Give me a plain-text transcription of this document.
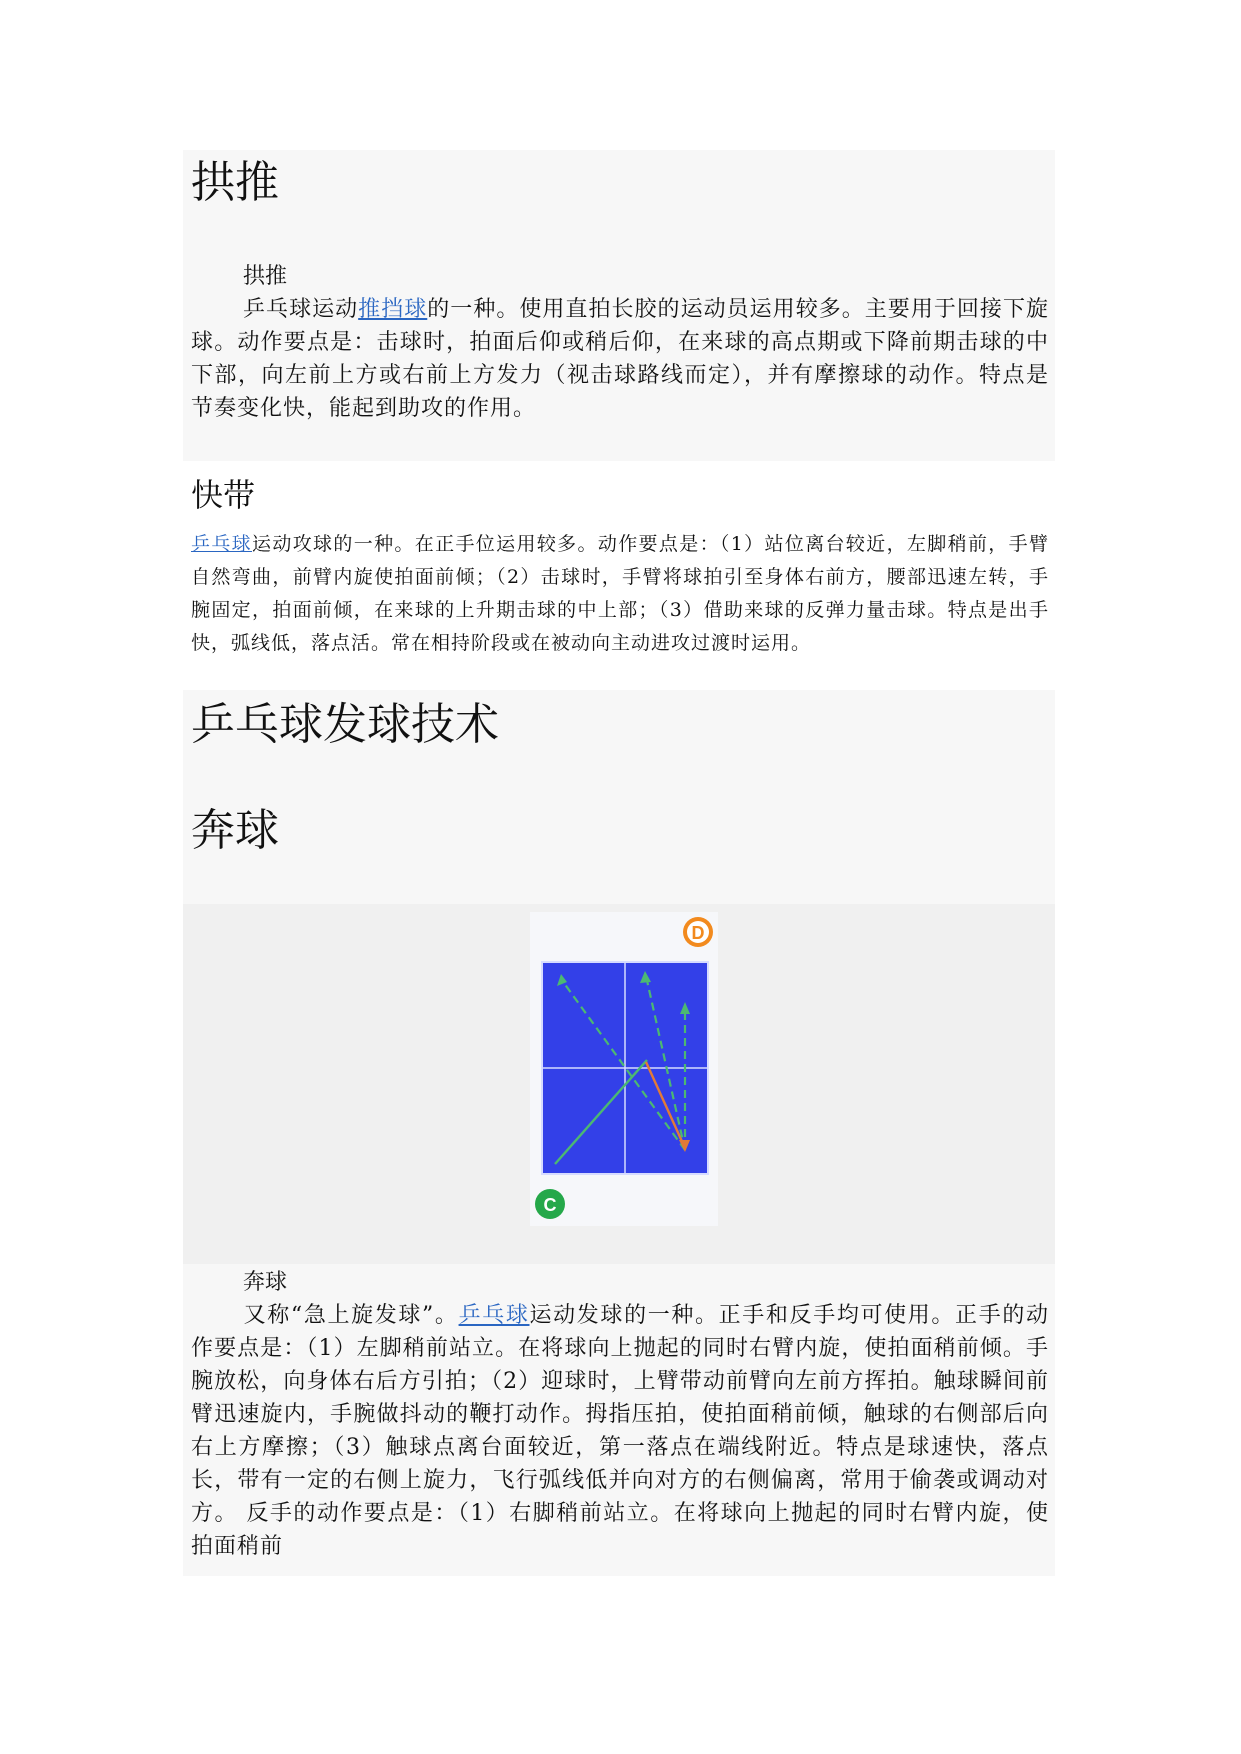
拱推
拱推

乒乓球运动推挡球的一种。使用直拍长胶的运动员运用较多。主要用于回接下旋球。动作要点是：击球时，拍面后仰或稍后仰，在来球的高点期或下降前期击球的中下部，向左前上方或右前上方发力（视击球路线而定），并有摩擦球的动作。特点是节奏变化快，能起到助攻的作用。

快带

乒乓球运动攻球的一种。在正手位运用较多。动作要点是：（1）站位离台较近，左脚稍前，手臂自然弯曲，前臂内旋使拍面前倾；（2）击球时，手臂将球拍引至身体右前方，腰部迅速左转，手腕固定，拍面前倾，在来球的上升期击球的中上部；（3）借助来球的反弹力量击球。特点是出手快，弧线低，落点活。常在相持阶段或在被动向主动进攻过渡时运用。

乒乓球发球技术
奔球
D
C
奔球

又称“急上旋发球”。乒乓球运动发球的一种。正手和反手均可使用。正手的动作要点是：（1）左脚稍前站立。在将球向上抛起的同时右臂内旋，使拍面稍前倾。手腕放松，向身体右后方引拍；（2）迎球时，上臂带动前臂向左前方挥拍。触球瞬间前臂迅速旋内，手腕做抖动的鞭打动作。拇指压拍，使拍面稍前倾，触球的右侧部后向右上方摩擦；（3）触球点离台面较近，第一落点在端线附近。特点是球速快，落点长，带有一定的右侧上旋力，飞行弧线低并向对方的右侧偏离，常用于偷袭或调动对方。 反手的动作要点是：（1）右脚稍前站立。在将球向上抛起的同时右臂内旋，使拍面稍前
